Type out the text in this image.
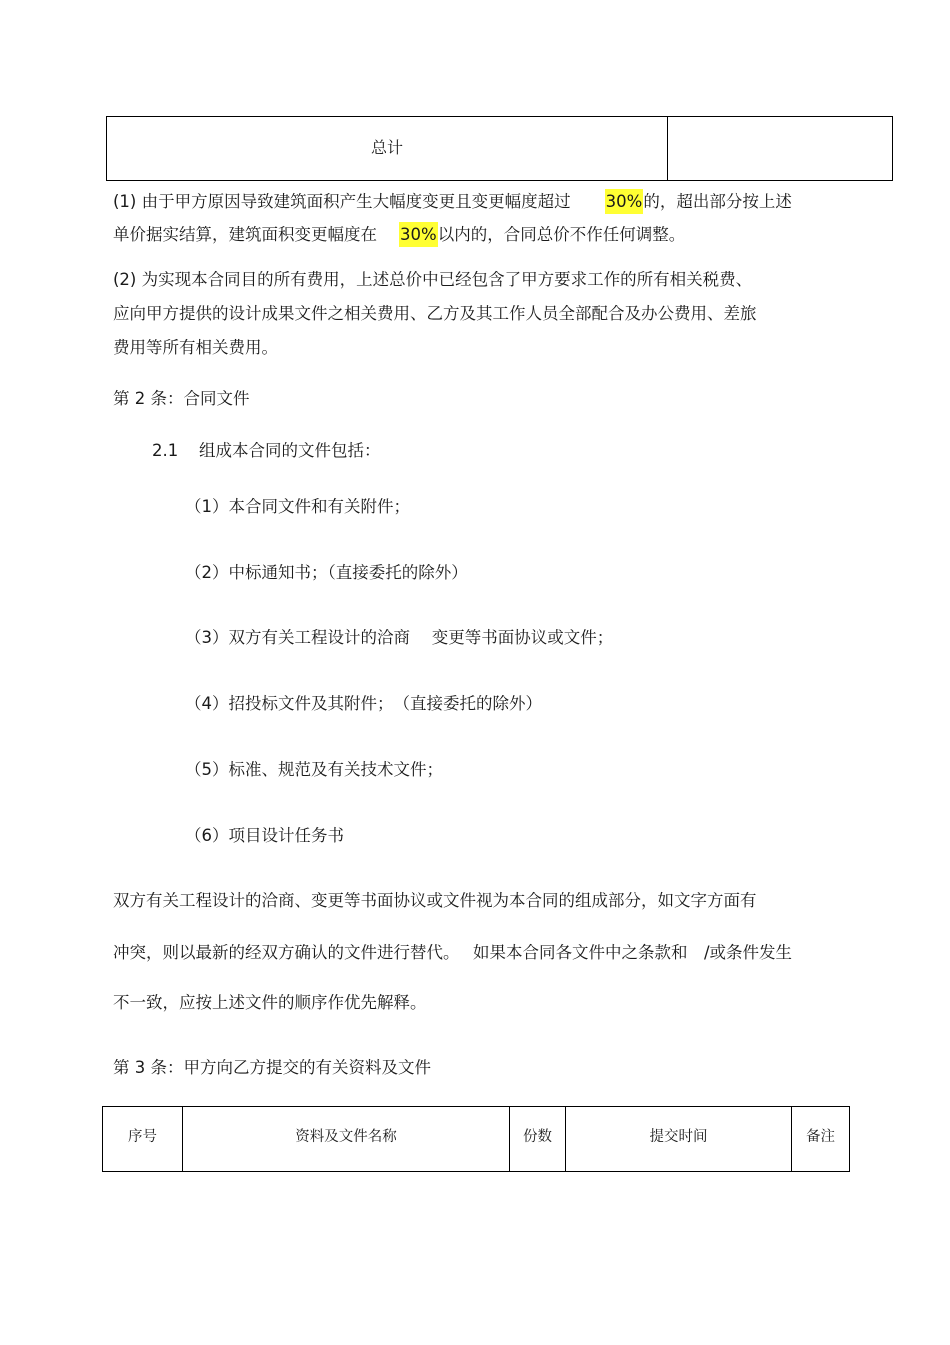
总计
(1) 由于甲方原因导致建筑面积产生大幅度变更且变更幅度超过 30%的，超出部分按上述
单价据实结算，建筑面积变更幅度在 30%以内的，合同总价不作任何调整。
(2) 为实现本合同目的所有费用，上述总价中已经包含了甲方要求工作的所有相关税费、
应向甲方提供的设计成果文件之相关费用、乙方及其工作人员全部配合及办公费用、差旅
费用等所有相关费用。
第 2 条：合同文件
2.1 组成本合同的文件包括：
（1）本合同文件和有关附件；
（2）中标通知书；（直接委托的除外）
（3）双方有关工程设计的洽商　 变更等书面协议或文件；
（4）招投标文件及其附件；　（直接委托的除外）
（5）标准、规范及有关技术文件；
（6）项目设计任务书
双方有关工程设计的洽商、变更等书面协议或文件视为本合同的组成部分，如文字方面有
冲突，则以最新的经双方确认的文件进行替代。　 如果本合同各文件中之条款和　/或条件发生
不一致，应按上述文件的顺序作优先解释。
第 3 条：甲方向乙方提交的有关资料及文件
序号	资料及文件名称	份数	提交时间	备注
